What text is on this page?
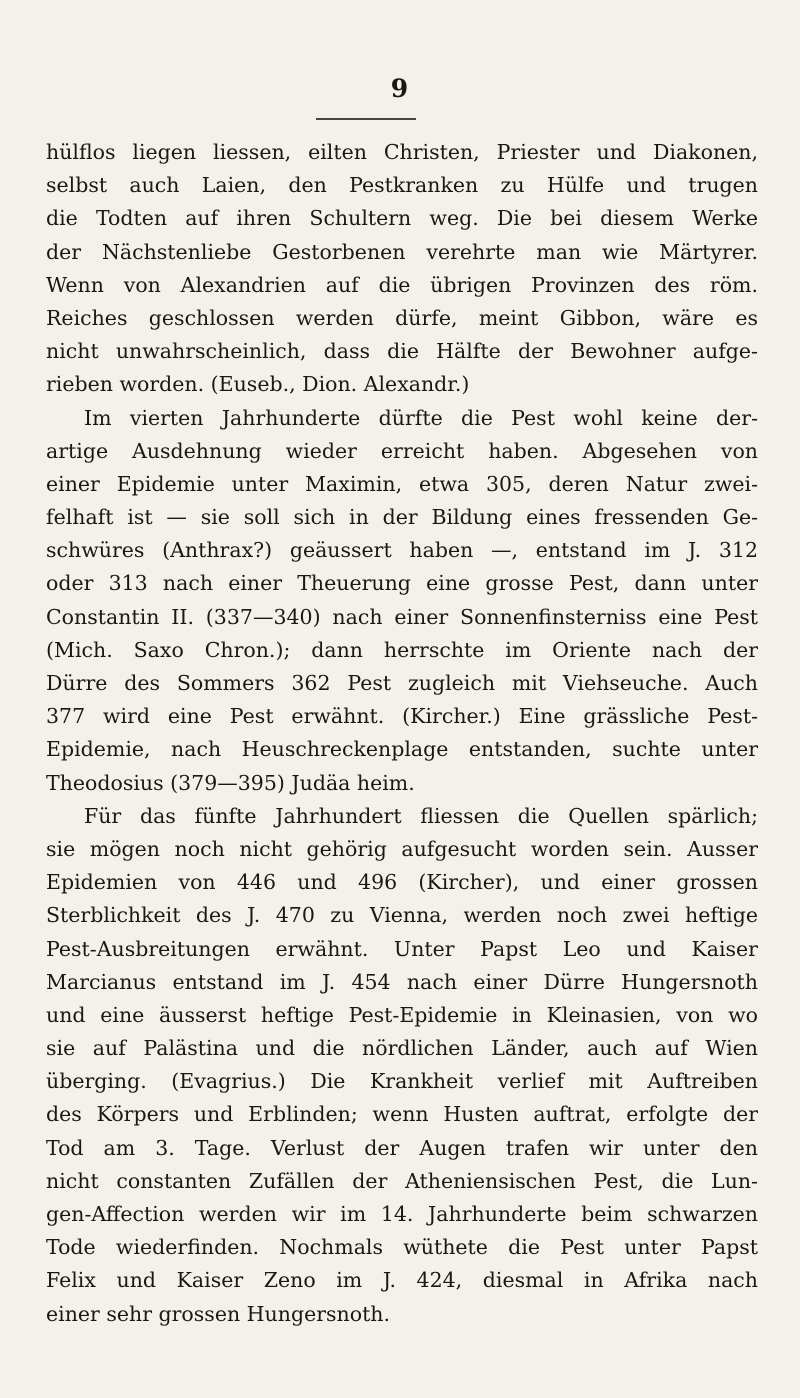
9
hülflos liegen liessen, eilten Christen, Priester und Diakonen,
selbst auch Laien, den Pestkranken zu Hülfe und trugen
die Todten auf ihren Schultern weg. Die bei diesem Werke
der Nächstenliebe Gestorbenen verehrte man wie Märtyrer.
Wenn von Alexandrien auf die übrigen Provinzen des röm.
Reiches geschlossen werden dürfe, meint Gibbon, wäre es
nicht unwahrscheinlich, dass die Hälfte der Bewohner aufge-
rieben worden. (Euseb., Dion. Alexandr.)
Im vierten Jahrhunderte dürfte die Pest wohl keine der-
artige Ausdehnung wieder erreicht haben. Abgesehen von
einer Epidemie unter Maximin, etwa 305, deren Natur zwei-
felhaft ist — sie soll sich in der Bildung eines fressenden Ge-
schwüres (Anthrax?) geäussert haben —, entstand im J. 312
oder 313 nach einer Theuerung eine grosse Pest, dann unter
Constantin II. (337—340) nach einer Sonnenfinsterniss eine Pest
(Mich. Saxo Chron.); dann herrschte im Oriente nach der
Dürre des Sommers 362 Pest zugleich mit Viehseuche. Auch
377 wird eine Pest erwähnt. (Kircher.) Eine grässliche Pest-
Epidemie, nach Heuschreckenplage entstanden, suchte unter
Theodosius (379—395) Judäa heim.
Für das fünfte Jahrhundert fliessen die Quellen spärlich;
sie mögen noch nicht gehörig aufgesucht worden sein. Ausser
Epidemien von 446 und 496 (Kircher), und einer grossen
Sterblichkeit des J. 470 zu Vienna, werden noch zwei heftige
Pest-Ausbreitungen erwähnt. Unter Papst Leo und Kaiser
Marcianus entstand im J. 454 nach einer Dürre Hungersnoth
und eine äusserst heftige Pest-Epidemie in Kleinasien, von wo
sie auf Palästina und die nördlichen Länder, auch auf Wien
überging. (Evagrius.) Die Krankheit verlief mit Auftreiben
des Körpers und Erblinden; wenn Husten auftrat, erfolgte der
Tod am 3. Tage. Verlust der Augen trafen wir unter den
nicht constanten Zufällen der Atheniensischen Pest, die Lun-
gen-Affection werden wir im 14. Jahrhunderte beim schwarzen
Tode wiederfinden. Nochmals wüthete die Pest unter Papst
Felix und Kaiser Zeno im J. 424, diesmal in Afrika nach
einer sehr grossen Hungersnoth.
